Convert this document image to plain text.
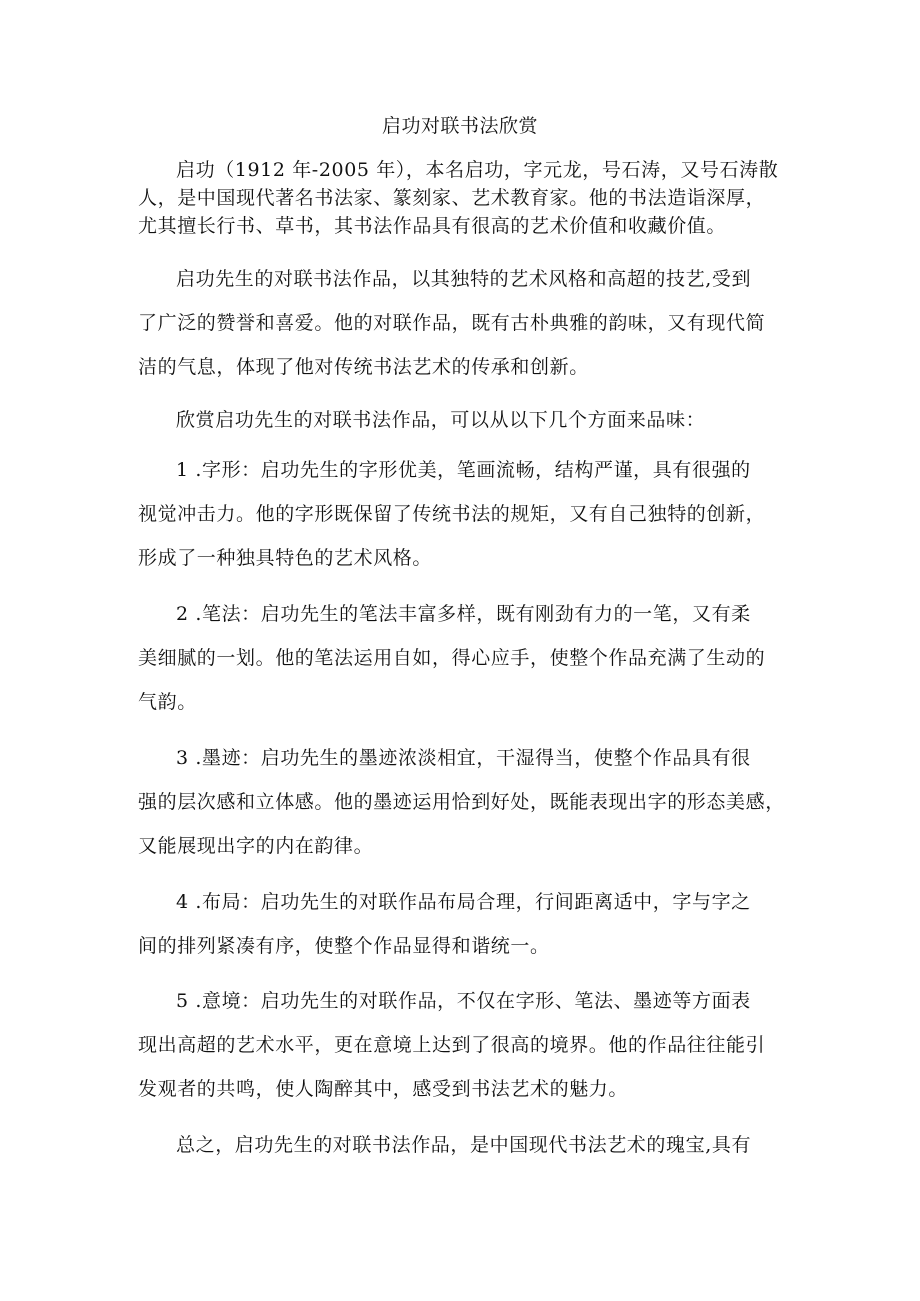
启功对联书法欣赏
启功（1912 年-2005 年），本名启功，字元龙，号石涛，又号石涛散
人，是中国现代著名书法家、篆刻家、艺术教育家。他的书法造诣深厚，
尤其擅长行书、草书，其书法作品具有很高的艺术价值和收藏价值。
启功先生的对联书法作品，以其独特的艺术风格和高超的技艺,受到
了广泛的赞誉和喜爱。他的对联作品，既有古朴典雅的韵味，又有现代简
洁的气息，体现了他对传统书法艺术的传承和创新。
欣赏启功先生的对联书法作品，可以从以下几个方面来品味：
1 .字形：启功先生的字形优美，笔画流畅，结构严谨，具有很强的
视觉冲击力。他的字形既保留了传统书法的规矩，又有自己独特的创新，
形成了一种独具特色的艺术风格。
2 .笔法：启功先生的笔法丰富多样，既有刚劲有力的一笔，又有柔
美细腻的一划。他的笔法运用自如，得心应手，使整个作品充满了生动的
气韵。
3 .墨迹：启功先生的墨迹浓淡相宜，干湿得当，使整个作品具有很
强的层次感和立体感。他的墨迹运用恰到好处，既能表现出字的形态美感，
又能展现出字的内在韵律。
4 .布局：启功先生的对联作品布局合理，行间距离适中，字与字之
间的排列紧凑有序，使整个作品显得和谐统一。
5 .意境：启功先生的对联作品，不仅在字形、笔法、墨迹等方面表
现出高超的艺术水平，更在意境上达到了很高的境界。他的作品往往能引
发观者的共鸣，使人陶醉其中，感受到书法艺术的魅力。
总之，启功先生的对联书法作品，是中国现代书法艺术的瑰宝,具有
